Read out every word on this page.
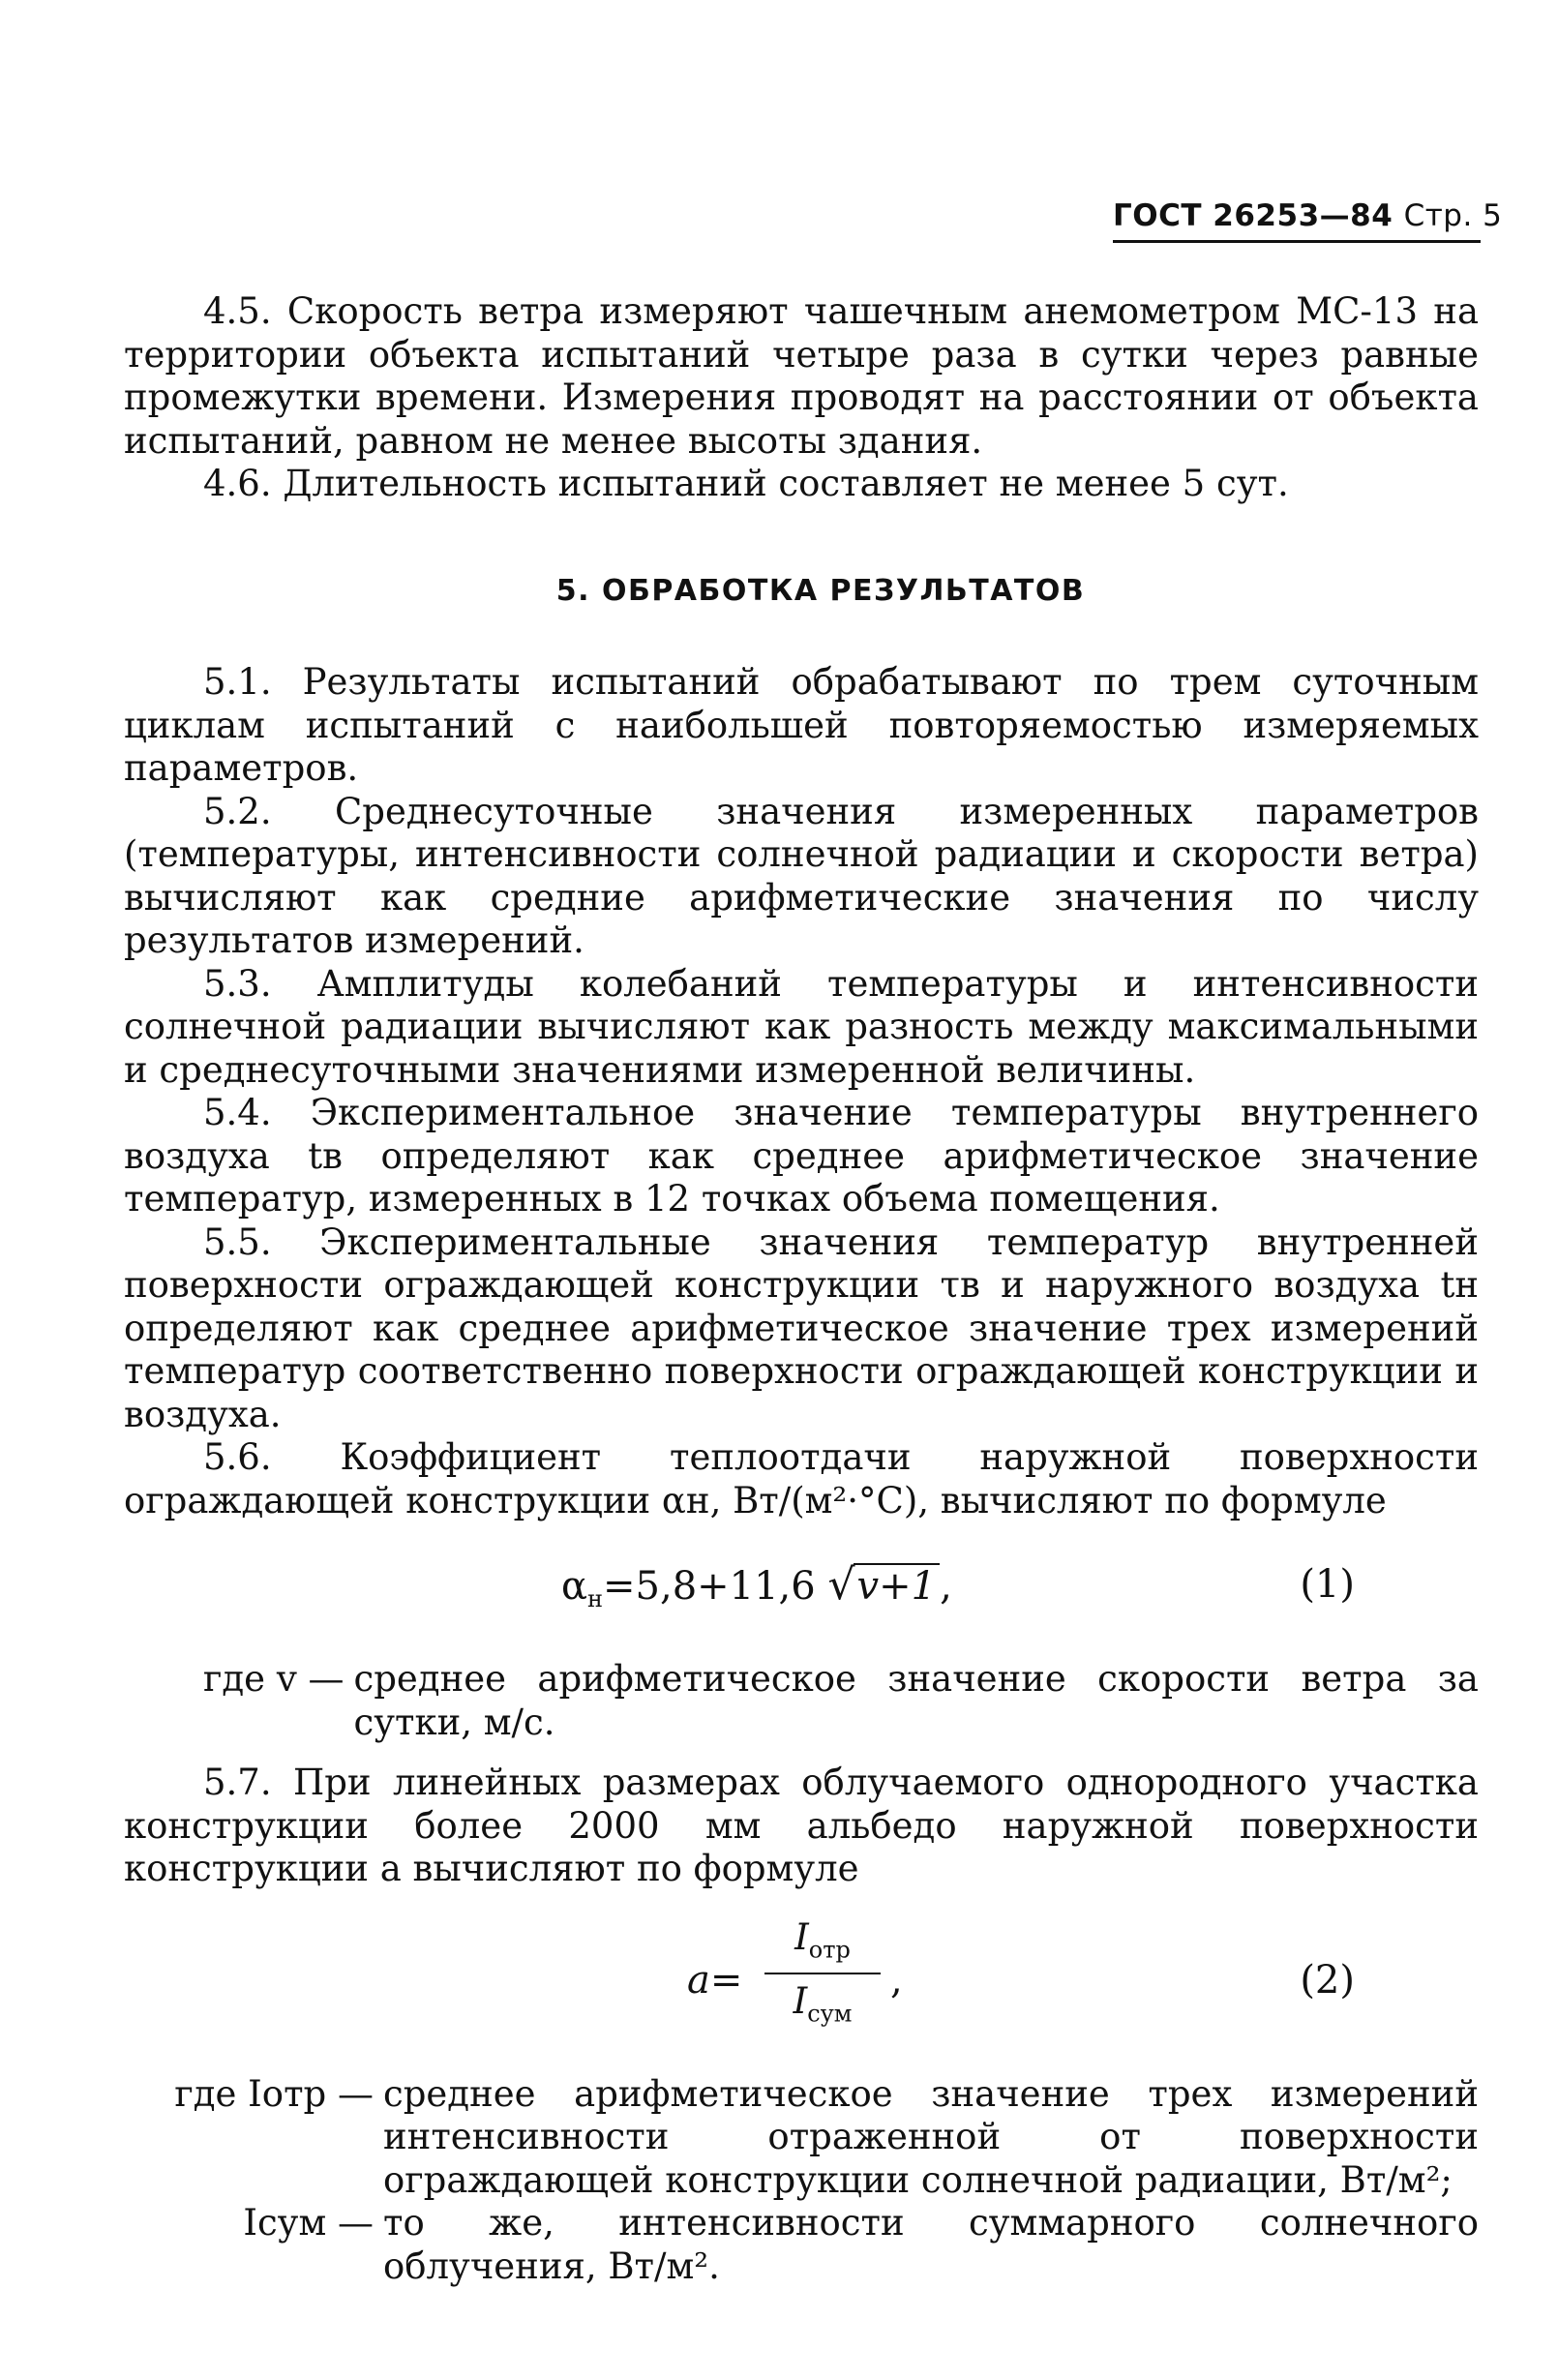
ГОСТ 26253—84 Стр. 5

4.5. Скорость ветра измеряют чашечным анемометром МС-13 на территории объекта испытаний четыре раза в сутки через равные промежутки времени. Измерения проводят на расстоянии от объекта испытаний, равном не менее высоты здания.

4.6. Длительность испытаний составляет не менее 5 сут.

5. ОБРАБОТКА РЕЗУЛЬТАТОВ

5.1. Результаты испытаний обрабатывают по трем суточным циклам испытаний с наибольшей повторяемостью измеряемых параметров.

5.2. Среднесуточные значения измеренных параметров (температуры, интенсивности солнечной радиации и скорости ветра) вычисляют как средние арифметические значения по числу результатов измерений.

5.3. Амплитуды колебаний температуры и интенсивности солнечной радиации вычисляют как разность между максимальными и среднесуточными значениями измеренной величины.

5.4. Экспериментальное значение температуры внутреннего воздуха tв определяют как среднее арифметическое значение температур, измеренных в 12 точках объема помещения.

5.5. Экспериментальные значения температур внутренней поверхности ограждающей конструкции τв и наружного воздуха tн определяют как среднее арифметическое значение трех измерений температур соответственно поверхности ограждающей конструкции и воздуха.

5.6. Коэффициент теплоотдачи наружной поверхности ограждающей конструкции αн, Вт/(м²·°С), вычисляют по формуле

$\alpha_н=5,8+11,6$ √v+1 ,	(1)
где v — среднее арифметическое значение скорости ветра за сутки, м/с.

5.7. При линейных размерах облучаемого однородного участка конструкции более 2000 мм альбедо наружной поверхности конструкции a вычисляют по формуле

a=
$I_{отр}$
$I_{сум}$
,	(2)
где Iотр — среднее арифметическое значение трех измерений интенсивности отраженной от поверхности ограждающей конструкции солнечной радиации, Вт/м²;
Iсум — то же, интенсивности суммарного солнечного облучения, Вт/м².
